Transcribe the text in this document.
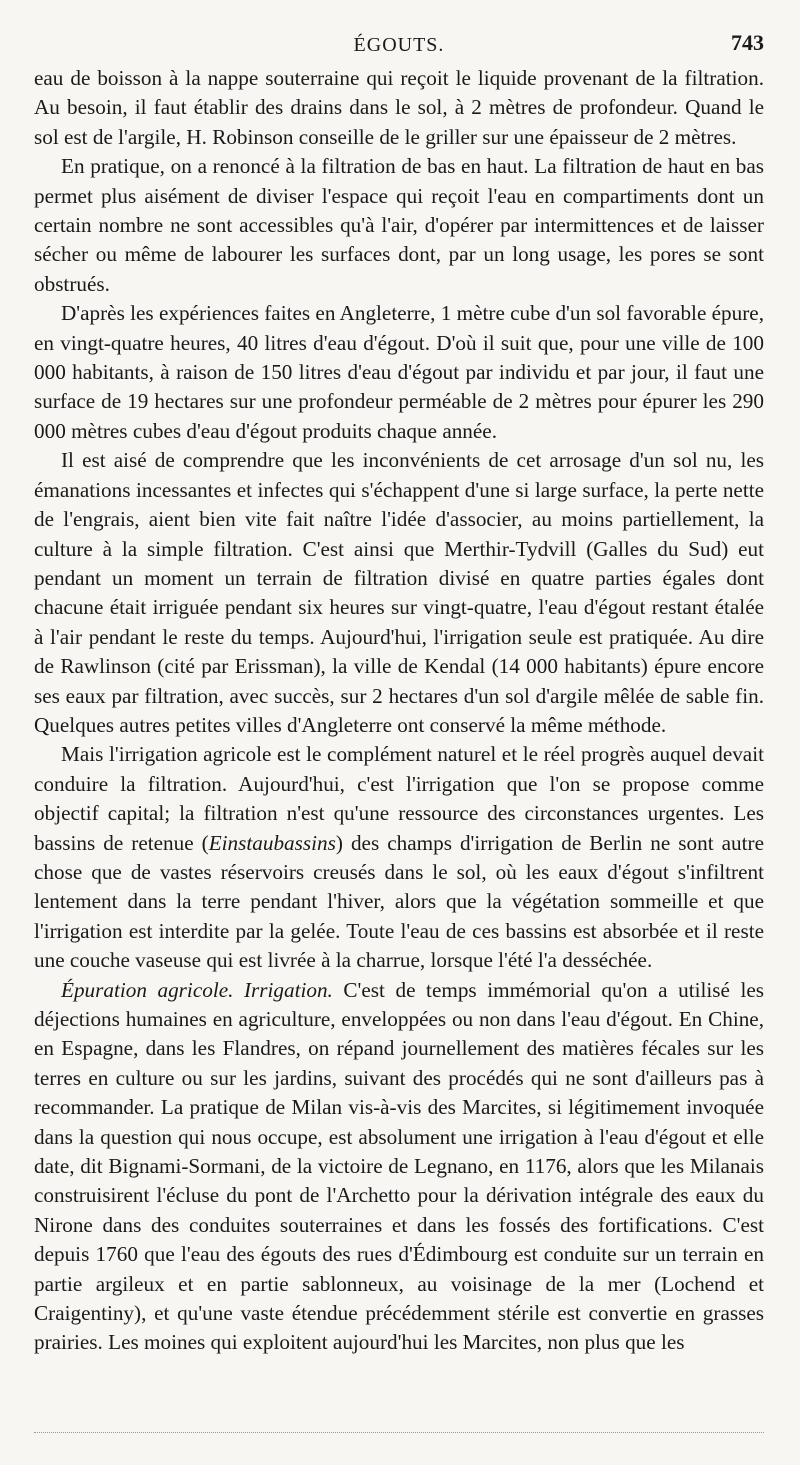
ÉGOUTS.	743

eau de boisson à la nappe souterraine qui reçoit le liquide provenant de la filtration. Au besoin, il faut établir des drains dans le sol, à 2 mètres de profondeur. Quand le sol est de l'argile, H. Robinson conseille de le griller sur une épaisseur de 2 mètres.

En pratique, on a renoncé à la filtration de bas en haut. La filtration de haut en bas permet plus aisément de diviser l'espace qui reçoit l'eau en compartiments dont un certain nombre ne sont accessibles qu'à l'air, d'opérer par intermittences et de laisser sécher ou même de labourer les surfaces dont, par un long usage, les pores se sont obstrués.

D'après les expériences faites en Angleterre, 1 mètre cube d'un sol favorable épure, en vingt-quatre heures, 40 litres d'eau d'égout. D'où il suit que, pour une ville de 100 000 habitants, à raison de 150 litres d'eau d'égout par individu et par jour, il faut une surface de 19 hectares sur une profondeur perméable de 2 mètres pour épurer les 290 000 mètres cubes d'eau d'égout produits chaque année.

Il est aisé de comprendre que les inconvénients de cet arrosage d'un sol nu, les émanations incessantes et infectes qui s'échappent d'une si large surface, la perte nette de l'engrais, aient bien vite fait naître l'idée d'associer, au moins partiellement, la culture à la simple filtration. C'est ainsi que Merthir-Tydvill (Galles du Sud) eut pendant un moment un terrain de filtration divisé en quatre parties égales dont chacune était irriguée pendant six heures sur vingt-quatre, l'eau d'égout restant étalée à l'air pendant le reste du temps. Aujourd'hui, l'irrigation seule est pratiquée. Au dire de Rawlinson (cité par Erissman), la ville de Kendal (14 000 habitants) épure encore ses eaux par filtration, avec succès, sur 2 hectares d'un sol d'argile mêlée de sable fin. Quelques autres petites villes d'Angleterre ont conservé la même méthode.

Mais l'irrigation agricole est le complément naturel et le réel progrès auquel devait conduire la filtration. Aujourd'hui, c'est l'irrigation que l'on se propose comme objectif capital; la filtration n'est qu'une ressource des circonstances urgentes. Les bassins de retenue (Einstaubassins) des champs d'irrigation de Berlin ne sont autre chose que de vastes réservoirs creusés dans le sol, où les eaux d'égout s'infiltrent lentement dans la terre pendant l'hiver, alors que la végétation sommeille et que l'irrigation est interdite par la gelée. Toute l'eau de ces bassins est absorbée et il reste une couche vaseuse qui est livrée à la charrue, lorsque l'été l'a desséchée.

Épuration agricole. Irrigation. C'est de temps immémorial qu'on a utilisé les déjections humaines en agriculture, enveloppées ou non dans l'eau d'égout. En Chine, en Espagne, dans les Flandres, on répand journellement des matières fécales sur les terres en culture ou sur les jardins, suivant des procédés qui ne sont d'ailleurs pas à recommander. La pratique de Milan vis-à-vis des Marcites, si légitimement invoquée dans la question qui nous occupe, est absolument une irrigation à l'eau d'égout et elle date, dit Bignami-Sormani, de la victoire de Legnano, en 1176, alors que les Milanais construisirent l'écluse du pont de l'Archetto pour la dérivation intégrale des eaux du Nirone dans des conduites souterraines et dans les fossés des fortifications. C'est depuis 1760 que l'eau des égouts des rues d'Édimbourg est conduite sur un terrain en partie argileux et en partie sablonneux, au voisinage de la mer (Lochend et Craigentiny), et qu'une vaste étendue précédemment stérile est convertie en grasses prairies. Les moines qui exploitent aujourd'hui les Marcites, non plus que les
